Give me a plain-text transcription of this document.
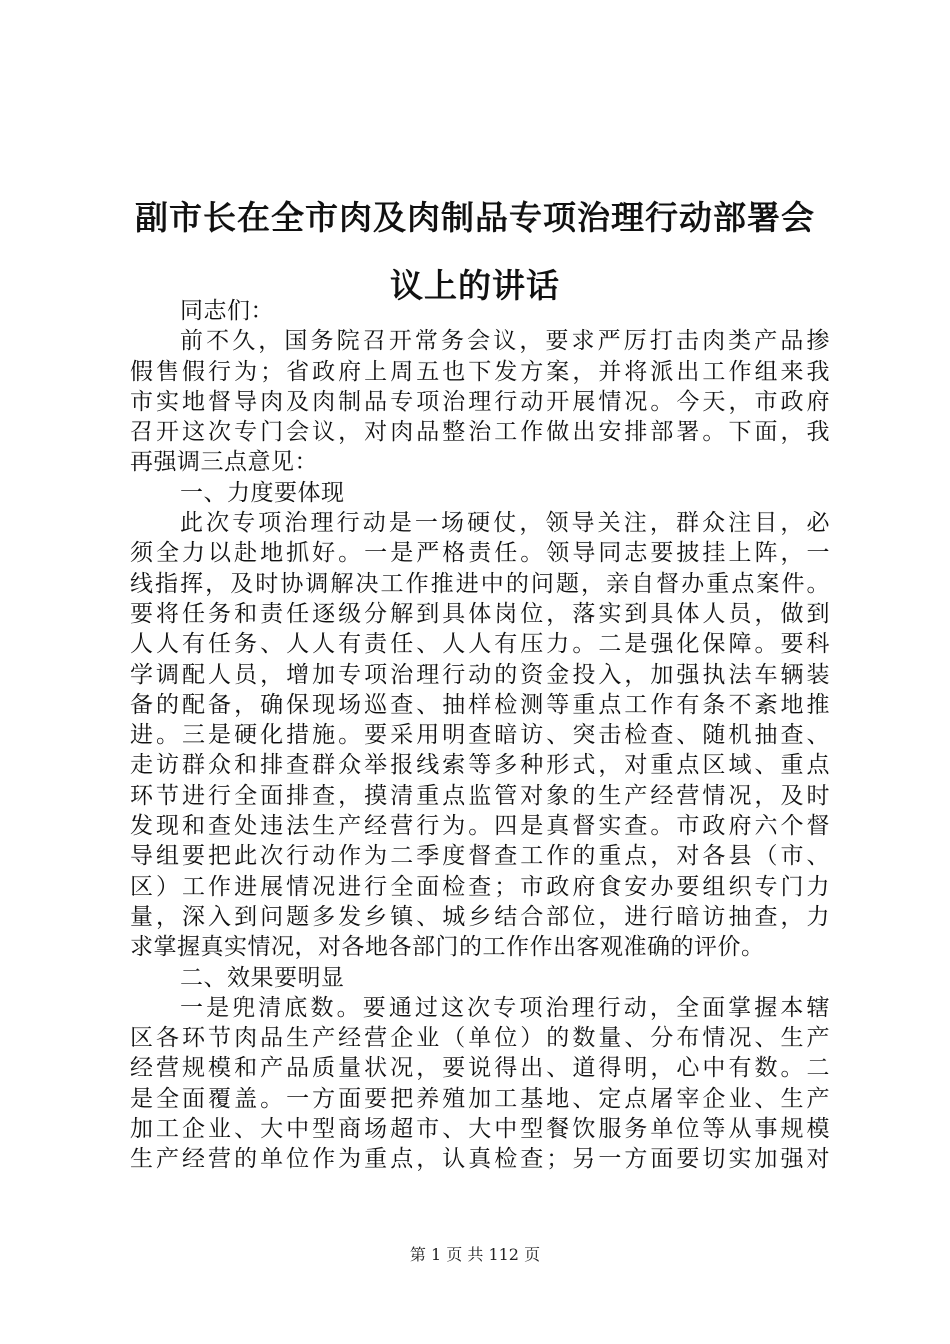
副市长在全市肉及肉制品专项治理行动部署会
议上的讲话
同志们：
前不久，国务院召开常务会议，要求严厉打击肉类产品掺
假售假行为；省政府上周五也下发方案，并将派出工作组来我
市实地督导肉及肉制品专项治理行动开展情况。今天，市政府
召开这次专门会议，对肉品整治工作做出安排部署。下面，我
再强调三点意见：
一、力度要体现
此次专项治理行动是一场硬仗，领导关注，群众注目，必
须全力以赴地抓好。一是严格责任。领导同志要披挂上阵，一
线指挥，及时协调解决工作推进中的问题，亲自督办重点案件。
要将任务和责任逐级分解到具体岗位，落实到具体人员，做到
人人有任务、人人有责任、人人有压力。二是强化保障。要科
学调配人员，增加专项治理行动的资金投入，加强执法车辆装
备的配备，确保现场巡查、抽样检测等重点工作有条不紊地推
进。三是硬化措施。要采用明查暗访、突击检查、随机抽查、
走访群众和排查群众举报线索等多种形式，对重点区域、重点
环节进行全面排查，摸清重点监管对象的生产经营情况，及时
发现和查处违法生产经营行为。四是真督实查。市政府六个督
导组要把此次行动作为二季度督查工作的重点，对各县（市、
区）工作进展情况进行全面检查；市政府食安办要组织专门力
量，深入到问题多发乡镇、城乡结合部位，进行暗访抽查，力
求掌握真实情况，对各地各部门的工作作出客观准确的评价。
二、效果要明显
一是兜清底数。要通过这次专项治理行动，全面掌握本辖
区各环节肉品生产经营企业（单位）的数量、分布情况、生产
经营规模和产品质量状况，要说得出、道得明，心中有数。二
是全面覆盖。一方面要把养殖加工基地、定点屠宰企业、生产
加工企业、大中型商场超市、大中型餐饮服务单位等从事规模
生产经营的单位作为重点，认真检查；另一方面要切实加强对
第 1 页 共 112 页
